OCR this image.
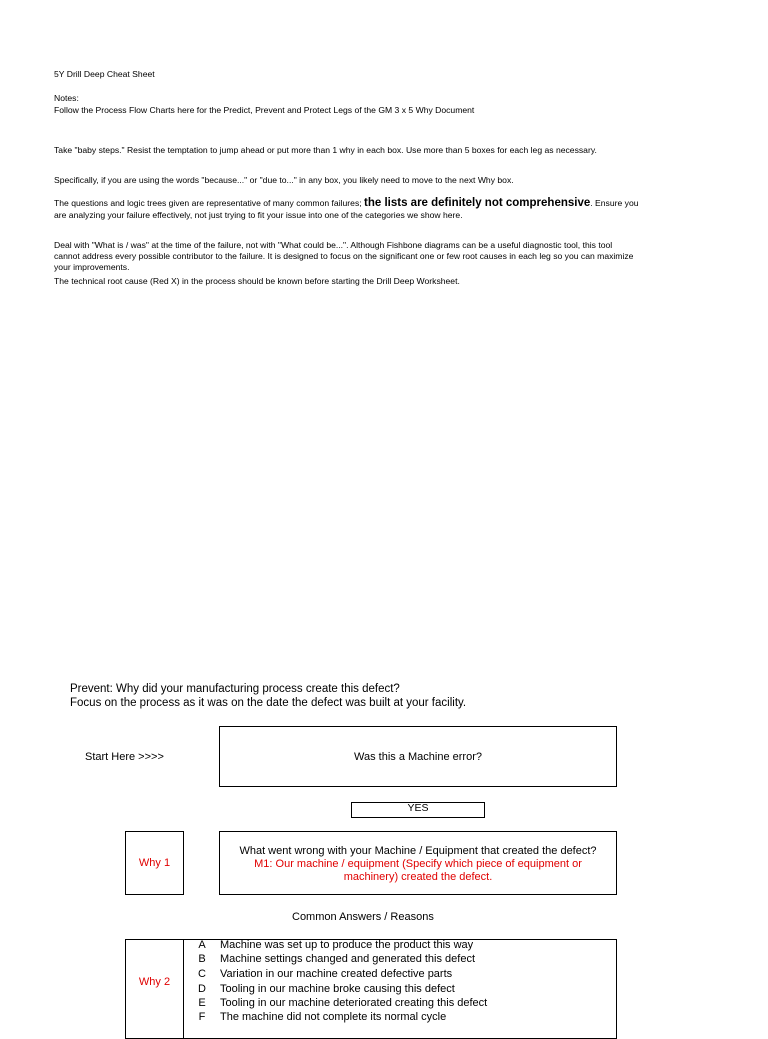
5Y Drill Deep Cheat Sheet
Notes:
Follow the Process Flow Charts here for the Predict, Prevent and Protect Legs of the GM 3 x 5 Why Document
Take "baby steps." Resist the temptation to jump ahead or put more than 1 why in each box. Use more than 5 boxes for each leg as necessary.
Specifically, if you are using the words "because..." or "due to..." in any box, you likely need to move to the next Why box.
The questions and logic trees given are representative of many common failures; the lists are definitely not comprehensive. Ensure you are analyzing your failure effectively, not just trying to fit your issue into one of the categories we show here.
Deal with "What is / was" at the time of the failure, not with "What could be...". Although Fishbone diagrams can be a useful diagnostic tool, this tool cannot address every possible contributor to the failure. It is designed to focus on the significant one or few root causes in each leg so you can maximize your improvements.
The technical root cause (Red X) in the process should be known before starting the Drill Deep Worksheet.
Prevent: Why did your manufacturing process create this defect?
Focus on the process as it was on the date the defect was built at your facility.
Start Here >>>>	Was this a Machine error?
YES
Why 1
What went wrong with your Machine / Equipment that created the defect?
M1: Our machine / equipment (Specify which piece of equipment or machinery) created the defect.
Common Answers / Reasons
Why 2
A Machine was set up to produce the product this way
B Machine settings changed and generated this defect
C Variation in our machine created defective parts
D Tooling in our machine broke causing this defect
E Tooling in our machine deteriorated creating this defect
F The machine did not complete its normal cycle
